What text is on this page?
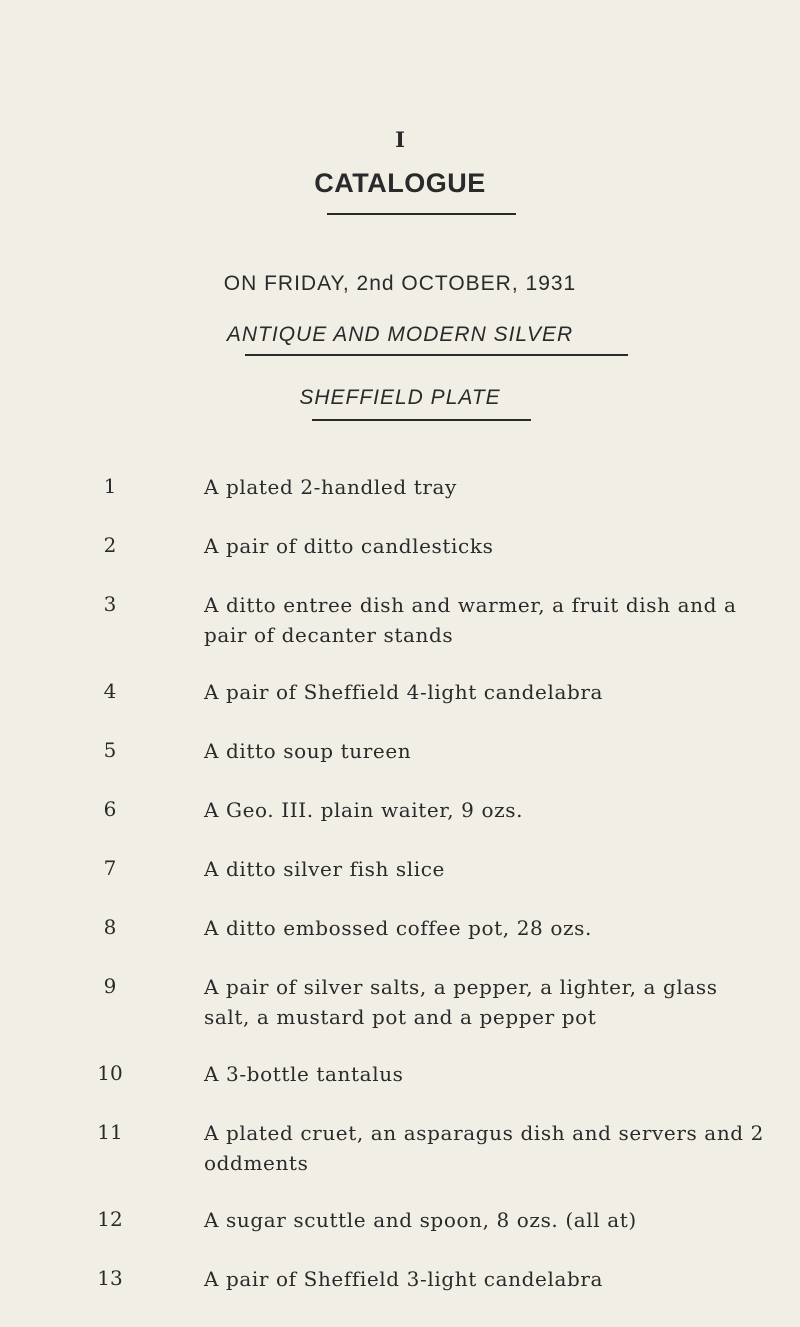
I
CATALOGUE
ON FRIDAY, 2nd OCTOBER, 1931
ANTIQUE AND MODERN SILVER
SHEFFIELD PLATE
1	A plated 2-handled tray
2	A pair of ditto candlesticks
3	A ditto entree dish and warmer, a fruit dish and a pair of decanter stands
4	A pair of Sheffield 4-light candelabra
5	A ditto soup tureen
6	A Geo. III. plain waiter, 9 ozs.
7	A ditto silver fish slice
8	A ditto embossed coffee pot, 28 ozs.
9	A pair of silver salts, a pepper, a lighter, a glass salt, a mustard pot and a pepper pot
10	A 3-bottle tantalus
11	A plated cruet, an asparagus dish and servers and 2 oddments
12	A sugar scuttle and spoon, 8 ozs. (all at)
13	A pair of Sheffield 3-light candelabra
